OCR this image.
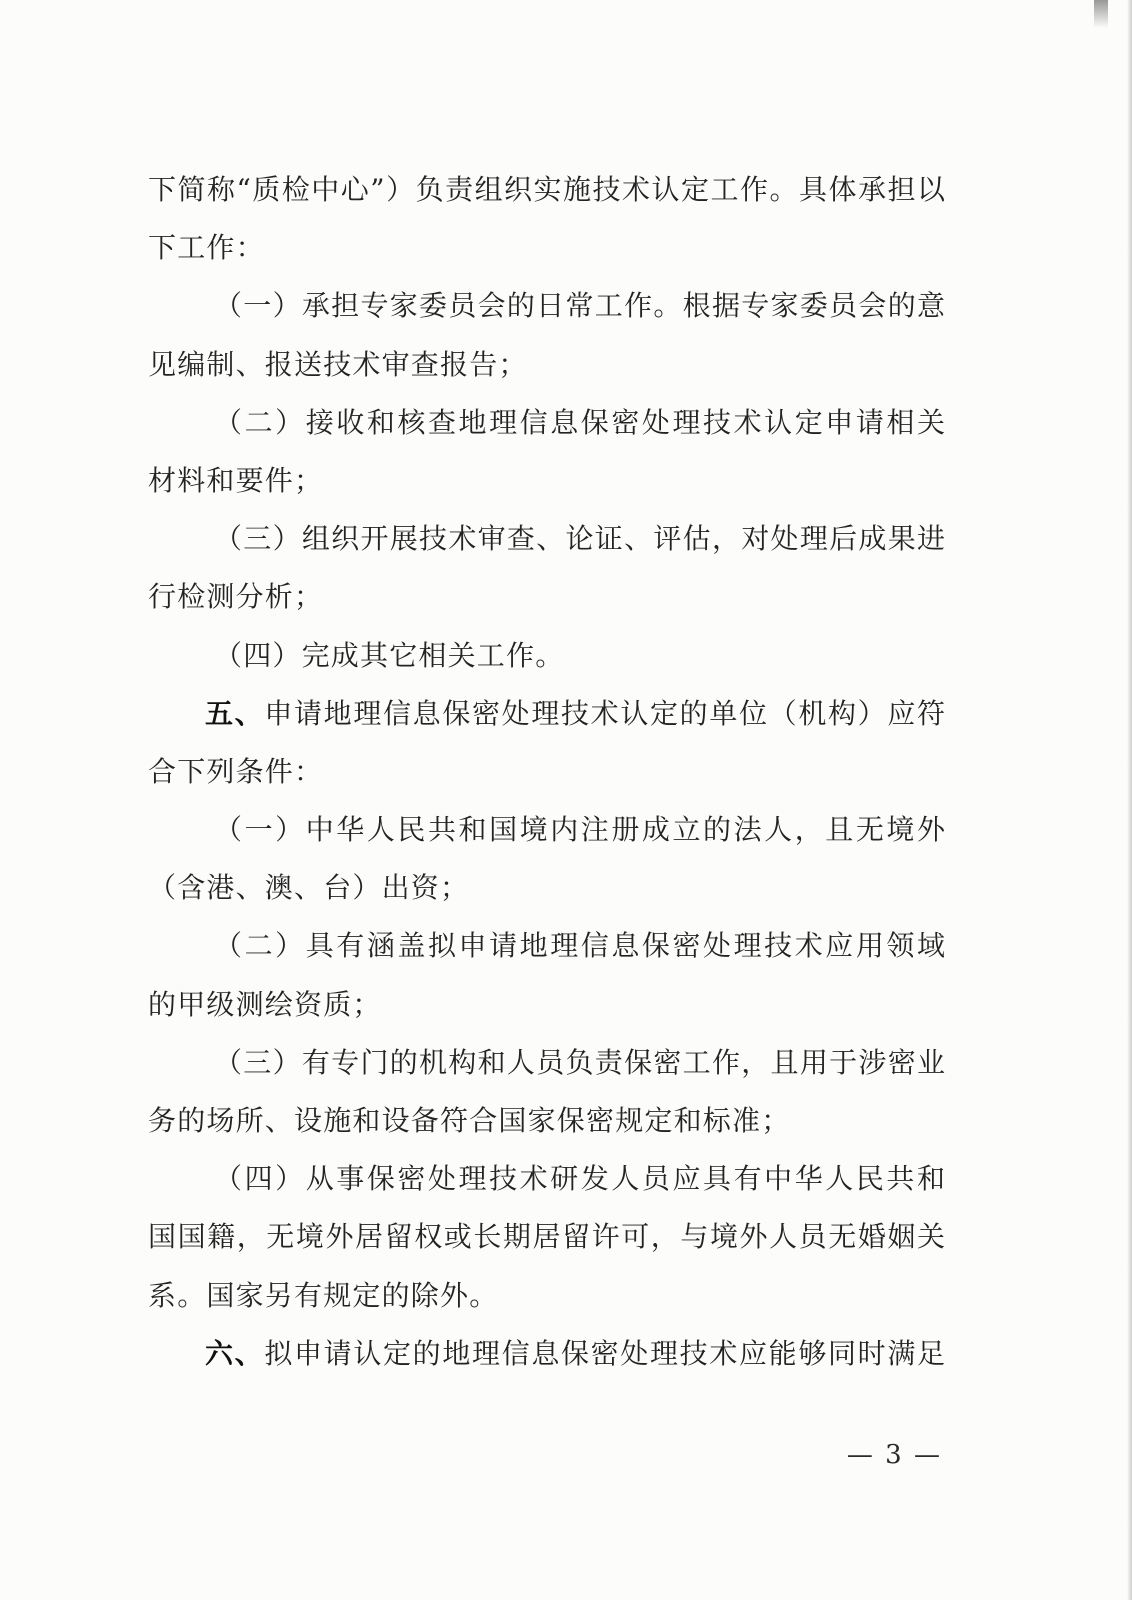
下简称“质检中心”）负责组织实施技术认定工作。具体承担以
下工作：
（一）承担专家委员会的日常工作。根据专家委员会的意
见编制、报送技术审查报告；
（二）接收和核查地理信息保密处理技术认定申请相关
材料和要件；
（三）组织开展技术审查、论证、评估，对处理后成果进
行检测分析；
（四）完成其它相关工作。
五、申请地理信息保密处理技术认定的单位（机构）应符
合下列条件：
（一）中华人民共和国境内注册成立的法人，且无境外
（含港、澳、台）出资；
（二）具有涵盖拟申请地理信息保密处理技术应用领域
的甲级测绘资质；
（三）有专门的机构和人员负责保密工作，且用于涉密业
务的场所、设施和设备符合国家保密规定和标准；
（四）从事保密处理技术研发人员应具有中华人民共和
国国籍，无境外居留权或长期居留许可，与境外人员无婚姻关
系。国家另有规定的除外。
六、拟申请认定的地理信息保密处理技术应能够同时满足
— 3 —
